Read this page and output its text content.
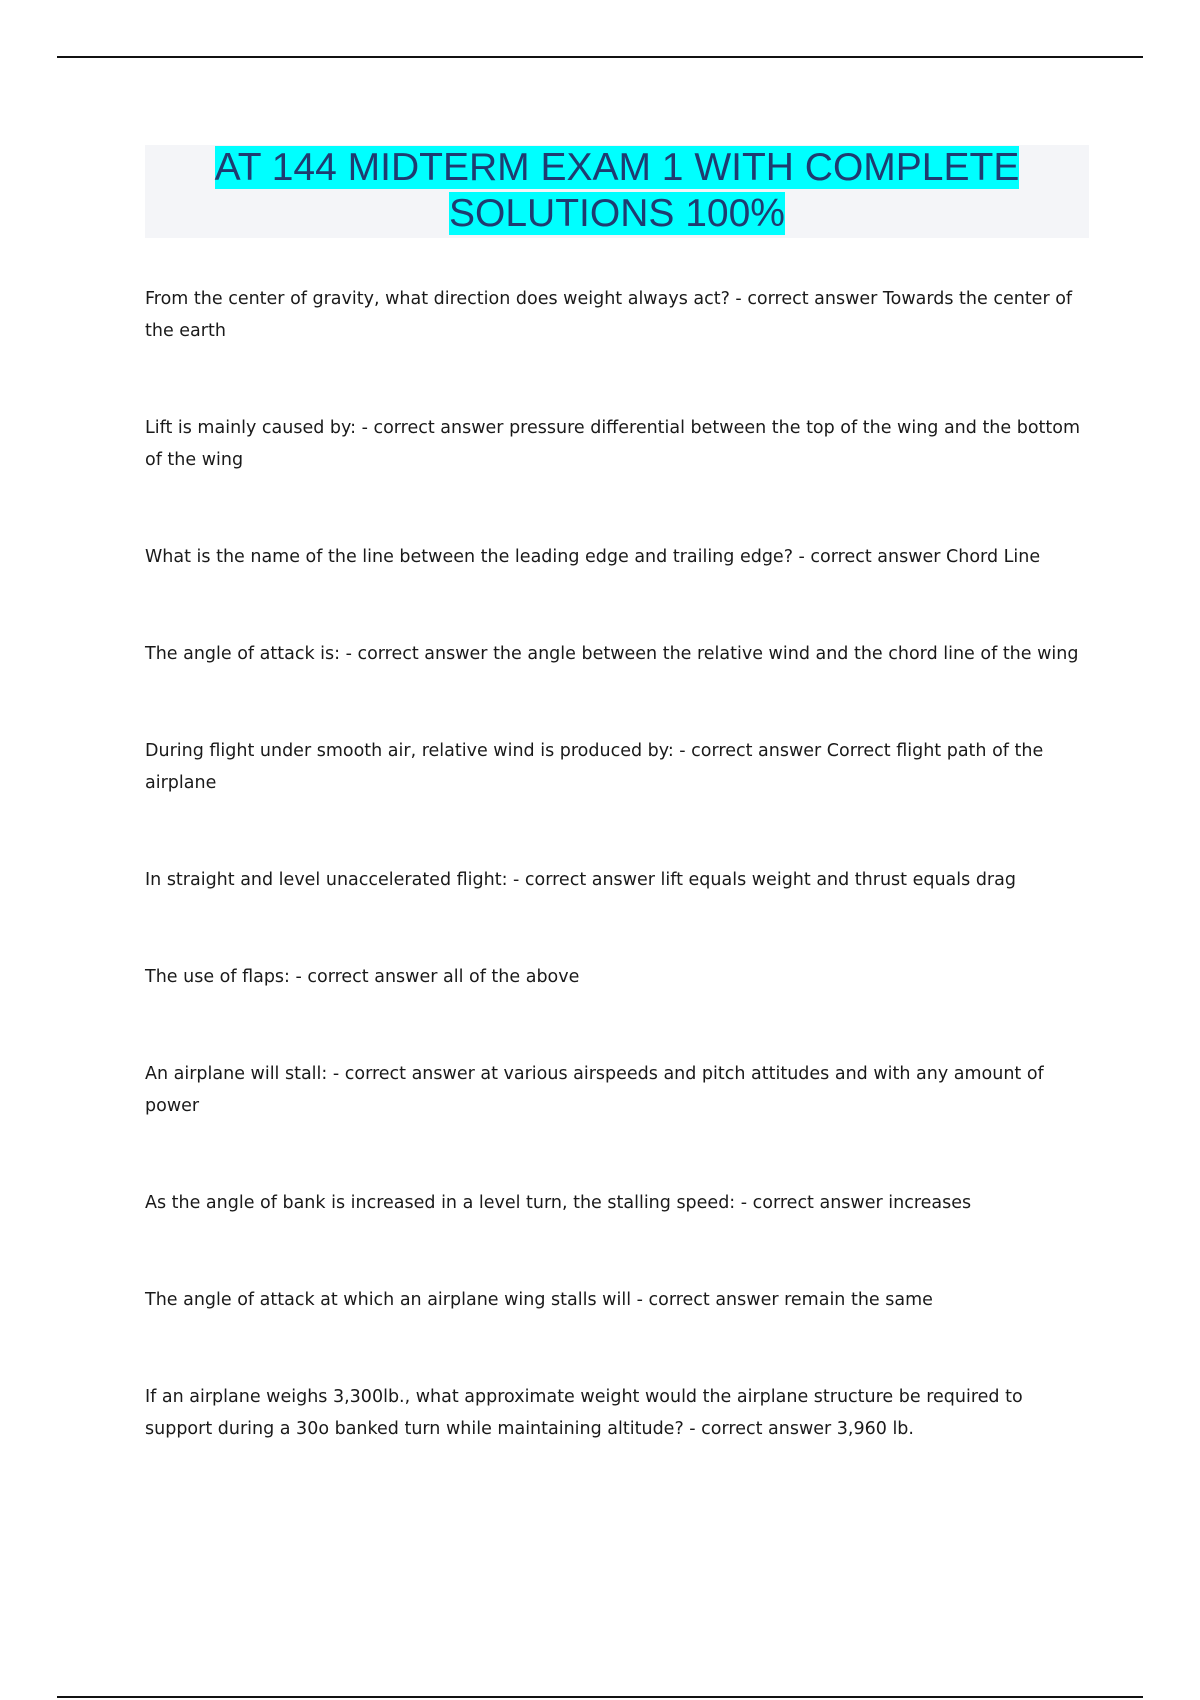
AT 144 MIDTERM EXAM 1 WITH COMPLETE SOLUTIONS 100%

From the center of gravity, what direction does weight always act? - correct answer Towards the center of the earth

Lift is mainly caused by: - correct answer pressure differential between the top of the wing and the bottom of the wing

What is the name of the line between the leading edge and trailing edge? - correct answer Chord Line

The angle of attack is: - correct answer the angle between the relative wind and the chord line of the wing

During flight under smooth air, relative wind is produced by: - correct answer Correct flight path of the airplane

In straight and level unaccelerated flight: - correct answer lift equals weight and thrust equals drag

The use of flaps: - correct answer all of the above

An airplane will stall: - correct answer at various airspeeds and pitch attitudes and with any amount of power

As the angle of bank is increased in a level turn, the stalling speed: - correct answer increases

The angle of attack at which an airplane wing stalls will - correct answer remain the same

If an airplane weighs 3,300lb., what approximate weight would the airplane structure be required to support during a 30o banked turn while maintaining altitude? - correct answer 3,960 lb.
